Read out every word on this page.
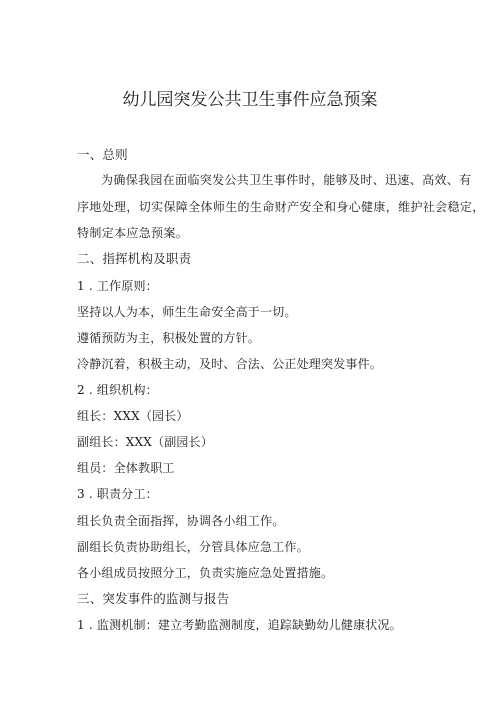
幼儿园突发公共卫生事件应急预案
一、总则
为确保我园在面临突发公共卫生事件时，能够及时、迅速、高效、有
序地处理，切实保障全体师生的生命财产安全和身心健康，维护社会稳定，
特制定本应急预案。
二、指挥机构及职责
1 . 工作原则：
坚持以人为本，师生生命安全高于一切。
遵循预防为主，积极处置的方针。
冷静沉着，积极主动，及时、合法、公正处理突发事件。
2 . 组织机构：
组长：XXX（园长）
副组长：XXX（副园长）
组员：全体教职工
3 . 职责分工：
组长负责全面指挥，协调各小组工作。
副组长负责协助组长，分管具体应急工作。
各小组成员按照分工，负责实施应急处置措施。
三、突发事件的监测与报告
1 . 监测机制：建立考勤监测制度，追踪缺勤幼儿健康状况。
